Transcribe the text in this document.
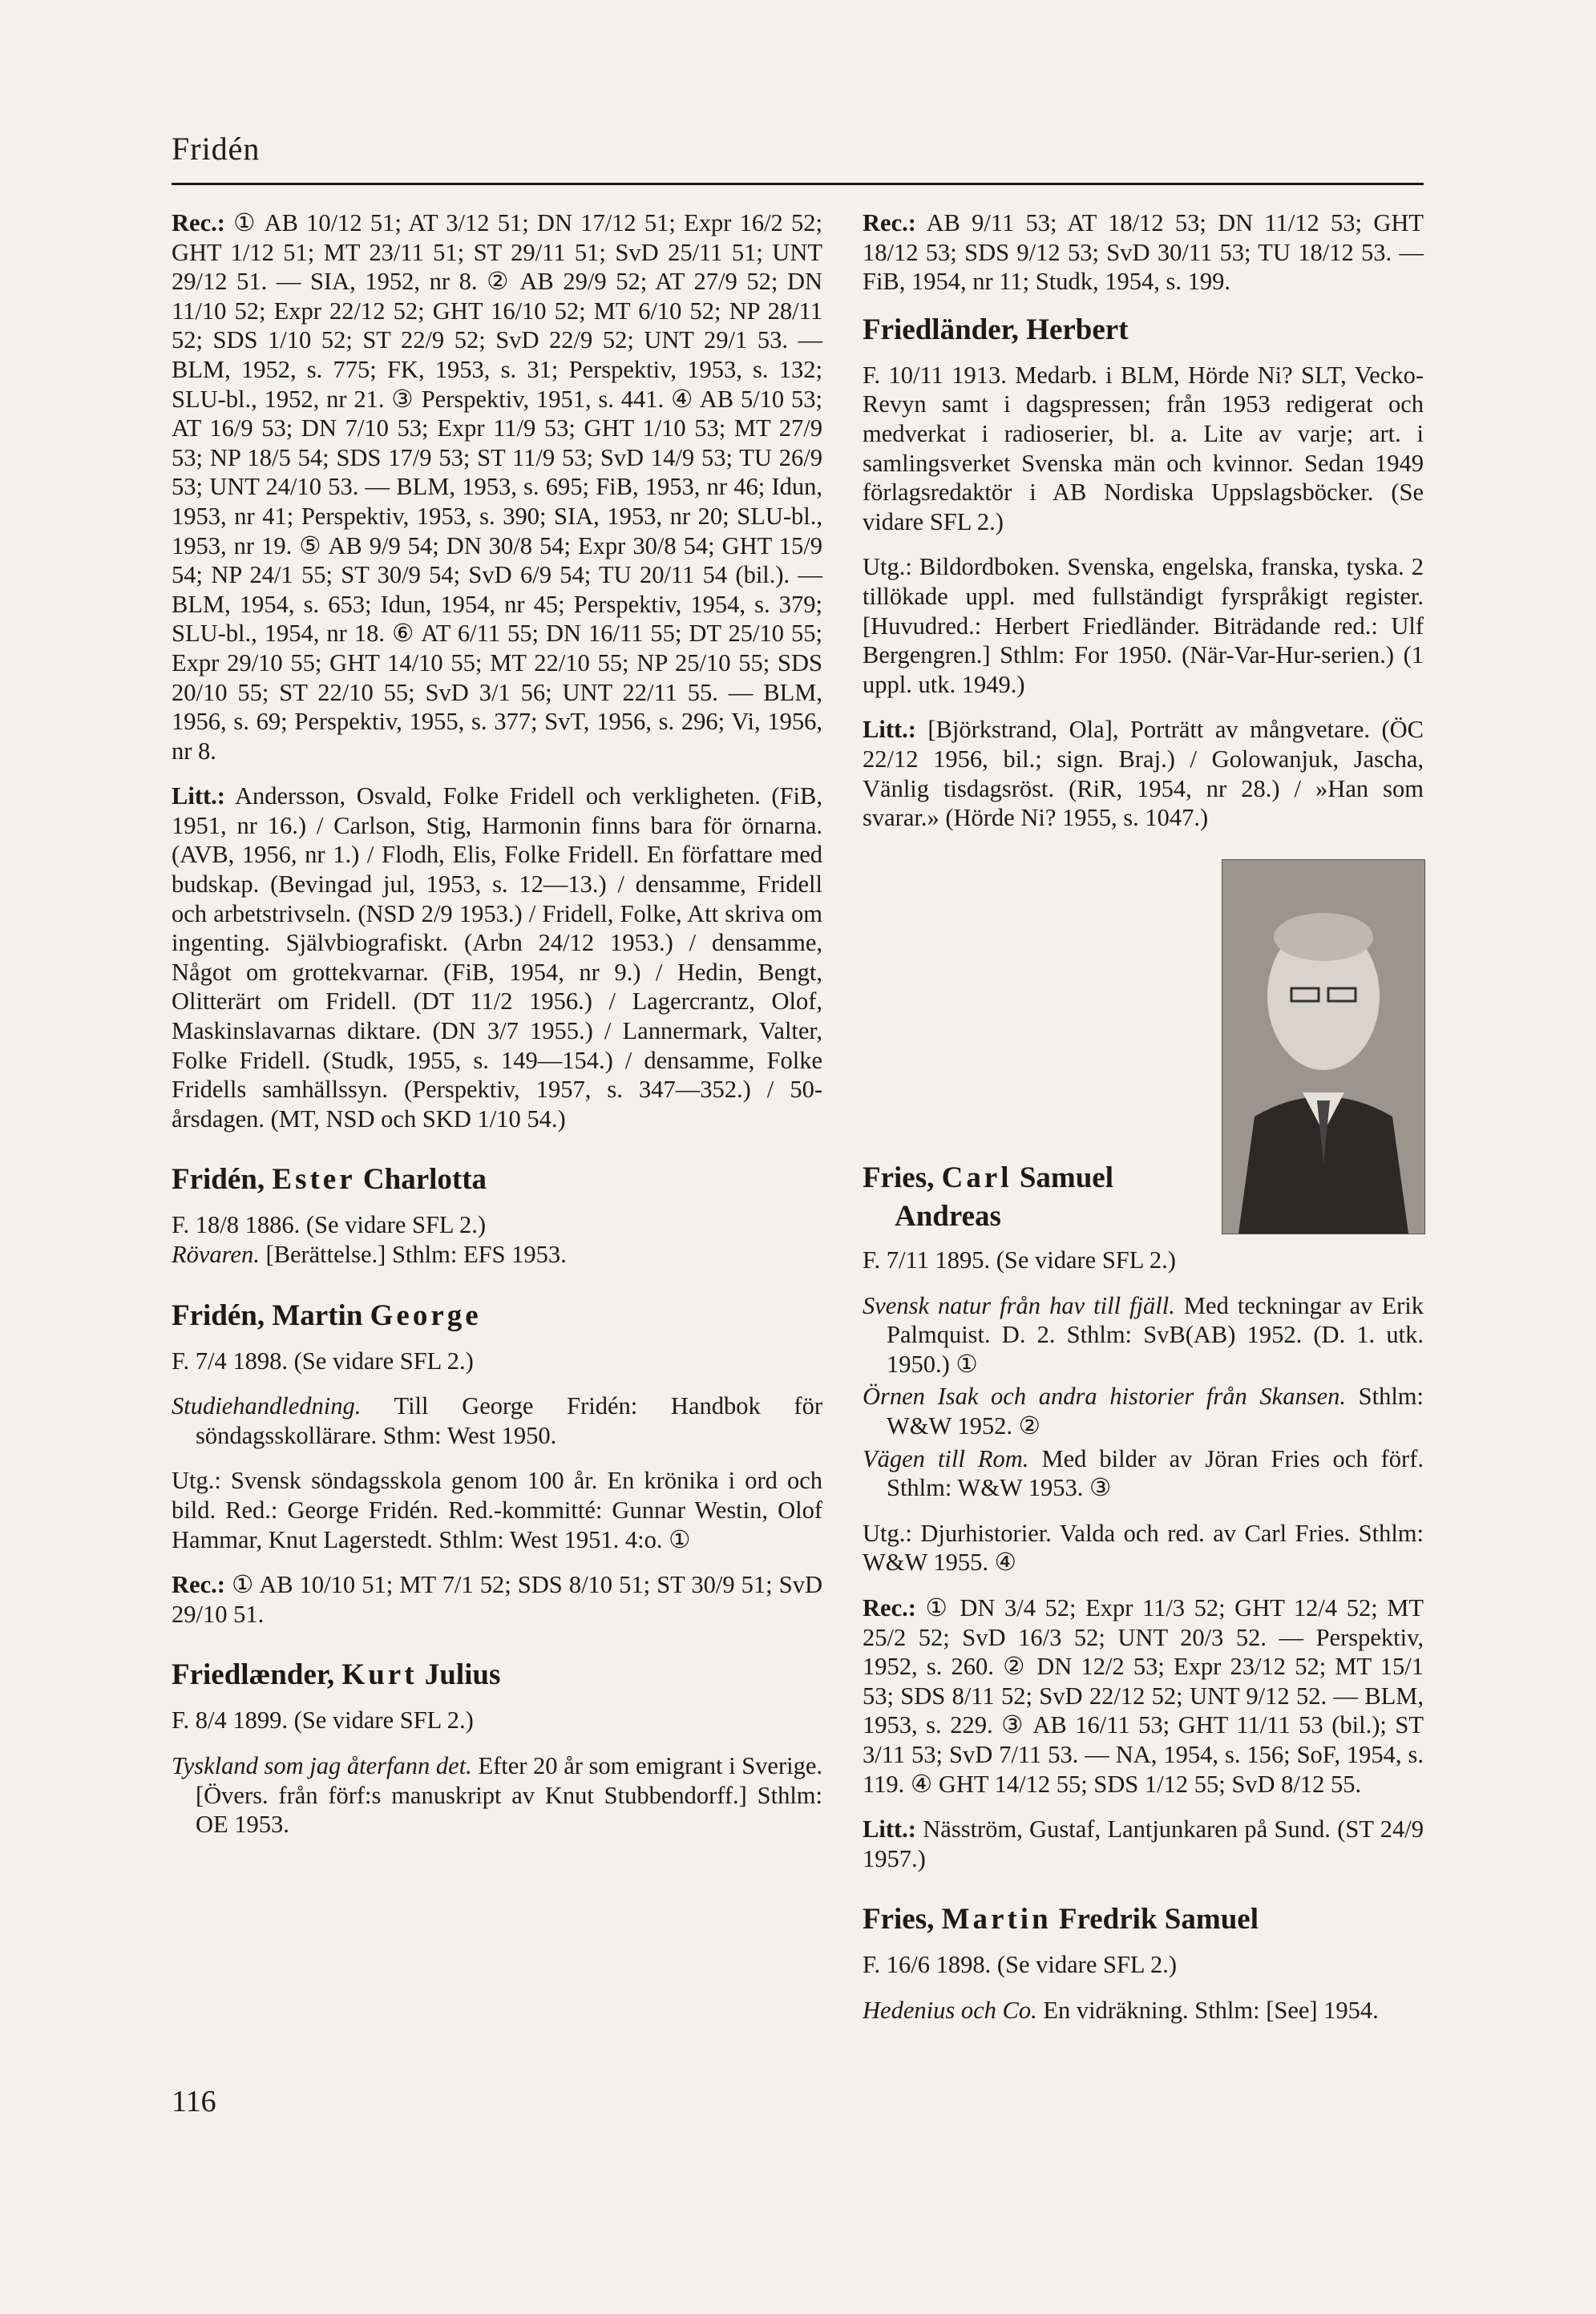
Fridén

Rec.: ① AB 10/12 51; AT 3/12 51; DN 17/12 51; Expr 16/2 52; GHT 1/12 51; MT 23/11 51; ST 29/11 51; SvD 25/11 51; UNT 29/12 51. — SIA, 1952, nr 8. ② AB 29/9 52; AT 27/9 52; DN 11/10 52; Expr 22/12 52; GHT 16/10 52; MT 6/10 52; NP 28/11 52; SDS 1/10 52; ST 22/9 52; SvD 22/9 52; UNT 29/1 53. — BLM, 1952, s. 775; FK, 1953, s. 31; Perspektiv, 1953, s. 132; SLU-bl., 1952, nr 21. ③ Perspektiv, 1951, s. 441. ④ AB 5/10 53; AT 16/9 53; DN 7/10 53; Expr 11/9 53; GHT 1/10 53; MT 27/9 53; NP 18/5 54; SDS 17/9 53; ST 11/9 53; SvD 14/9 53; TU 26/9 53; UNT 24/10 53. — BLM, 1953, s. 695; FiB, 1953, nr 46; Idun, 1953, nr 41; Perspektiv, 1953, s. 390; SIA, 1953, nr 20; SLU-bl., 1953, nr 19. ⑤ AB 9/9 54; DN 30/8 54; Expr 30/8 54; GHT 15/9 54; NP 24/1 55; ST 30/9 54; SvD 6/9 54; TU 20/11 54 (bil.). — BLM, 1954, s. 653; Idun, 1954, nr 45; Perspektiv, 1954, s. 379; SLU-bl., 1954, nr 18. ⑥ AT 6/11 55; DN 16/11 55; DT 25/10 55; Expr 29/10 55; GHT 14/10 55; MT 22/10 55; NP 25/10 55; SDS 20/10 55; ST 22/10 55; SvD 3/1 56; UNT 22/11 55. — BLM, 1956, s. 69; Perspektiv, 1955, s. 377; SvT, 1956, s. 296; Vi, 1956, nr 8.

Litt.: Andersson, Osvald, Folke Fridell och verkligheten. (FiB, 1951, nr 16.) / Carlson, Stig, Harmonin finns bara för örnarna. (AVB, 1956, nr 1.) / Flodh, Elis, Folke Fridell. En författare med budskap. (Bevingad jul, 1953, s. 12—13.) / densamme, Fridell och arbetstrivseln. (NSD 2/9 1953.) / Fridell, Folke, Att skriva om ingenting. Självbiografiskt. (Arbn 24/12 1953.) / densamme, Något om grottekvarnar. (FiB, 1954, nr 9.) / Hedin, Bengt, Olitterärt om Fridell. (DT 11/2 1956.) / Lagercrantz, Olof, Maskinslavarnas diktare. (DN 3/7 1955.) / Lannermark, Valter, Folke Fridell. (Studk, 1955, s. 149—154.) / densamme, Folke Fridells samhällssyn. (Perspektiv, 1957, s. 347—352.) / 50-årsdagen. (MT, NSD och SKD 1/10 54.)

Fridén, Ester Charlotta

F. 18/8 1886. (Se vidare SFL 2.)

Rövaren. [Berättelse.] Sthlm: EFS 1953.

Fridén, Martin George

F. 7/4 1898. (Se vidare SFL 2.)

Studiehandledning. Till George Fridén: Handbok för söndagsskollärare. Sthm: West 1950.

Utg.: Svensk söndagsskola genom 100 år. En krönika i ord och bild. Red.: George Fridén. Red.-kommitté: Gunnar Westin, Olof Hammar, Knut Lagerstedt. Sthlm: West 1951. 4:o. ①

Rec.: ① AB 10/10 51; MT 7/1 52; SDS 8/10 51; ST 30/9 51; SvD 29/10 51.

Friedlænder, Kurt Julius

F. 8/4 1899. (Se vidare SFL 2.)

Tyskland som jag återfann det. Efter 20 år som emigrant i Sverige. [Övers. från förf:s manuskript av Knut Stubbendorff.] Sthlm: OE 1953.

Rec.: AB 9/11 53; AT 18/12 53; DN 11/12 53; GHT 18/12 53; SDS 9/12 53; SvD 30/11 53; TU 18/12 53. — FiB, 1954, nr 11; Studk, 1954, s. 199.

Friedländer, Herbert

F. 10/11 1913. Medarb. i BLM, Hörde Ni? SLT, Vecko-Revyn samt i dagspressen; från 1953 redigerat och medverkat i radioserier, bl. a. Lite av varje; art. i samlingsverket Svenska män och kvinnor. Sedan 1949 förlagsredaktör i AB Nordiska Uppslagsböcker. (Se vidare SFL 2.)

Utg.: Bildordboken. Svenska, engelska, franska, tyska. 2 tillökade uppl. med fullständigt fyrspråkigt register. [Huvudred.: Herbert Friedländer. Biträdande red.: Ulf Bergengren.] Sthlm: For 1950. (När-Var-Hur-serien.) (1 uppl. utk. 1949.)

Litt.: [Björkstrand, Ola], Porträtt av mångvetare. (ÖC 22/12 1956, bil.; sign. Braj.) / Golowanjuk, Jascha, Vänlig tisdagsröst. (RiR, 1954, nr 28.) / »Han som svarar.» (Hörde Ni? 1955, s. 1047.)

Fries, Carl Samuel
Andreas

F. 7/11 1895. (Se vidare SFL 2.)

Svensk natur från hav till fjäll. Med teckningar av Erik Palmquist. D. 2. Sthlm: SvB(AB) 1952. (D. 1. utk. 1950.) ①

Örnen Isak och andra historier från Skansen. Sthlm: W&W 1952. ②

Vägen till Rom. Med bilder av Jöran Fries och förf. Sthlm: W&W 1953. ③

Utg.: Djurhistorier. Valda och red. av Carl Fries. Sthlm: W&W 1955. ④

Rec.: ① DN 3/4 52; Expr 11/3 52; GHT 12/4 52; MT 25/2 52; SvD 16/3 52; UNT 20/3 52. — Perspektiv, 1952, s. 260. ② DN 12/2 53; Expr 23/12 52; MT 15/1 53; SDS 8/11 52; SvD 22/12 52; UNT 9/12 52. — BLM, 1953, s. 229. ③ AB 16/11 53; GHT 11/11 53 (bil.); ST 3/11 53; SvD 7/11 53. — NA, 1954, s. 156; SoF, 1954, s. 119. ④ GHT 14/12 55; SDS 1/12 55; SvD 8/12 55.

Litt.: Näsström, Gustaf, Lantjunkaren på Sund. (ST 24/9 1957.)

Fries, Martin Fredrik Samuel

F. 16/6 1898. (Se vidare SFL 2.)

Hedenius och Co. En vidräkning. Sthlm: [See] 1954.

116
